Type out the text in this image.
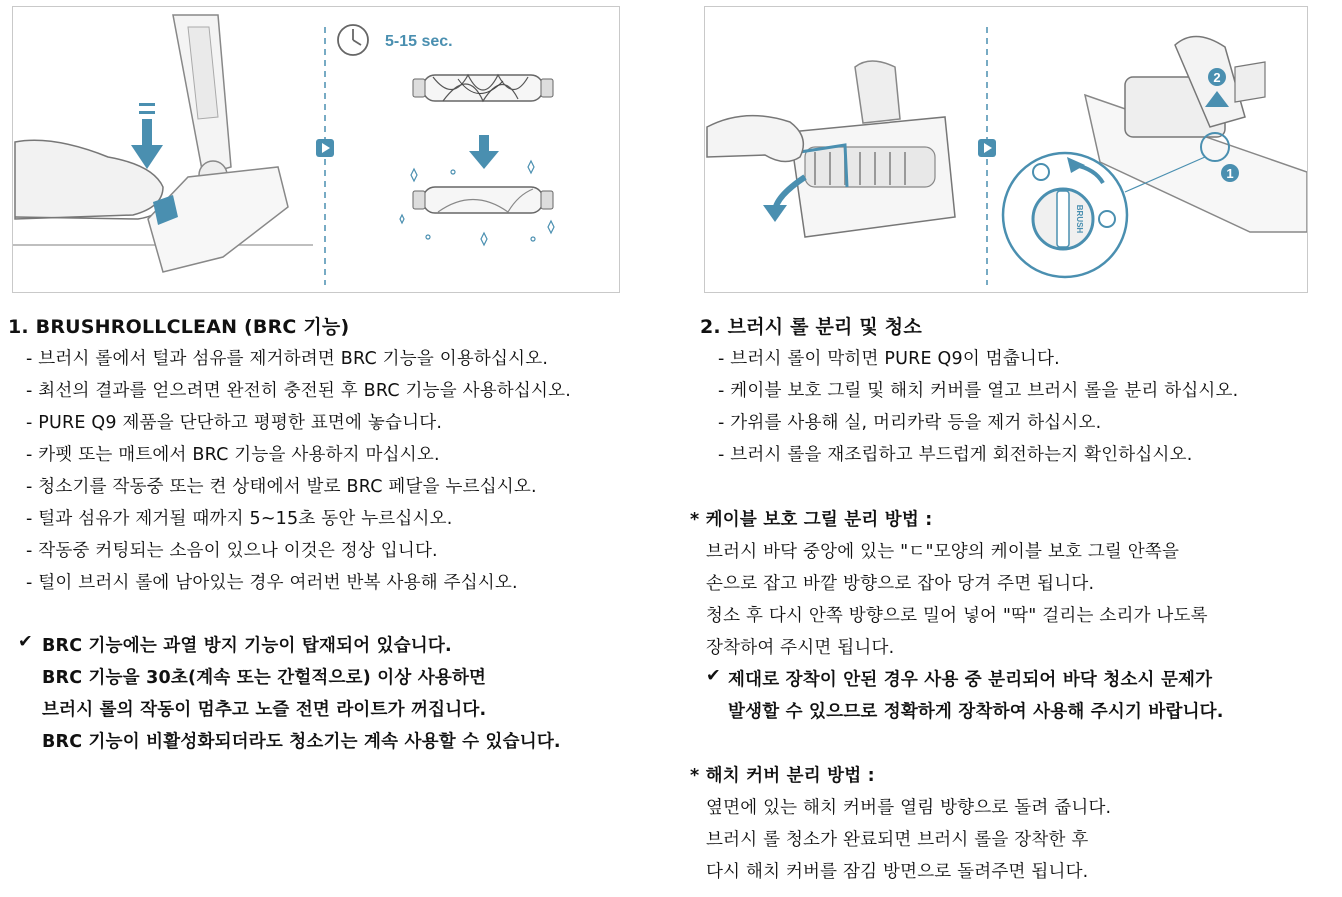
5-15 sec.
2
1
BRUSH
1. BRUSHROLLCLEAN (BRC 기능)
- 브러시 롤에서 털과 섬유를 제거하려면 BRC 기능을 이용하십시오.
- 최선의 결과를 얻으려면 완전히 충전된 후 BRC 기능을 사용하십시오.
- PURE Q9 제품을 단단하고 평평한 표면에 놓습니다.
- 카펫 또는 매트에서 BRC 기능을 사용하지 마십시오.
- 청소기를 작동중 또는 켠 상태에서 발로 BRC 페달을 누르십시오.
- 털과 섬유가 제거될 때까지 5~15초 동안 누르십시오.
- 작동중 커팅되는 소음이 있으나 이것은 정상 입니다.
- 털이 브러시 롤에 남아있는 경우 여러번 반복 사용해 주십시오.
✔ BRC 기능에는 과열 방지 기능이 탑재되어 있습니다.
BRC 기능을 30초(계속 또는 간헐적으로) 이상 사용하면
브러시 롤의 작동이 멈추고 노즐 전면 라이트가 꺼집니다.
BRC 기능이 비활성화되더라도 청소기는 계속 사용할 수 있습니다.
2. 브러시 롤 분리 및 청소
- 브러시 롤이 막히면 PURE Q9이 멈춥니다.
- 케이블 보호 그릴 및 해치 커버를 열고 브러시 롤을 분리 하십시오.
- 가위를 사용해 실, 머리카락 등을 제거 하십시오.
- 브러시 롤을 재조립하고 부드럽게 회전하는지 확인하십시오.
* 케이블 보호 그릴 분리 방법 :
브러시 바닥 중앙에 있는 "ㄷ"모양의 케이블 보호 그릴 안쪽을
손으로 잡고 바깥 방향으로 잡아 당겨 주면 됩니다.
청소 후 다시 안쪽 방향으로 밀어 넣어 "딱" 걸리는 소리가 나도록
장착하여 주시면 됩니다.
✔ 제대로 장착이 안된 경우 사용 중 분리되어 바닥 청소시 문제가
발생할 수 있으므로 정확하게 장착하여 사용해 주시기 바랍니다.
* 해치 커버 분리 방법 :
옆면에 있는 해치 커버를 열림 방향으로 돌려 줍니다.
브러시 롤 청소가 완료되면 브러시 롤을 장착한 후
다시 해치 커버를 잠김 방면으로 돌려주면 됩니다.
